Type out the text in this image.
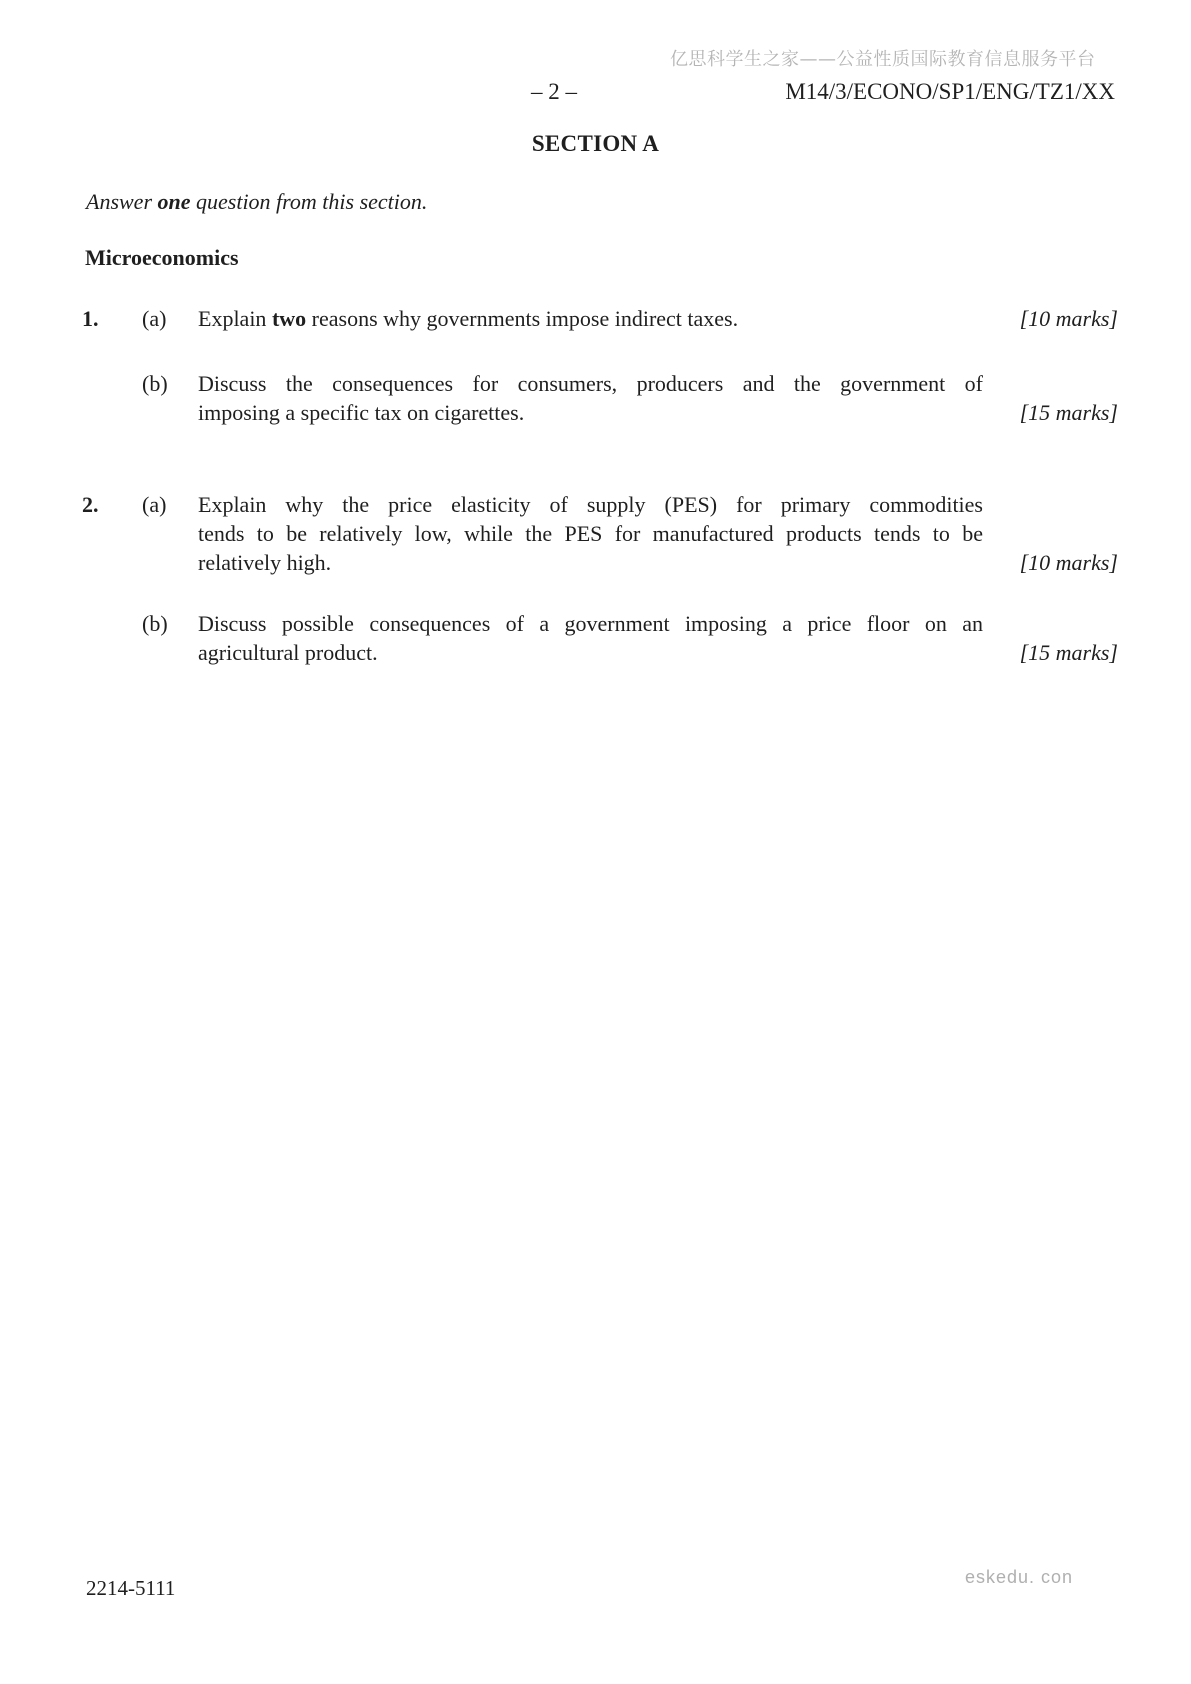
亿思科学生之家——公益性质国际教育信息服务平台
– 2 –	M14/3/ECONO/SP1/ENG/TZ1/XX
SECTION A
Answer one question from this section.
Microeconomics
1. (a) Explain two reasons why governments impose indirect taxes.	[10 marks]
(b) Discuss the consequences for consumers, producers and the government of
imposing a specific tax on cigarettes.	[15 marks]
2. (a) Explain why the price elasticity of supply (PES) for primary commodities
tends to be relatively low, while the PES for manufactured products tends to be
relatively high.	[10 marks]
(b) Discuss possible consequences of a government imposing a price floor on an
agricultural product.	[15 marks]
2214-5111	eskedu. con
